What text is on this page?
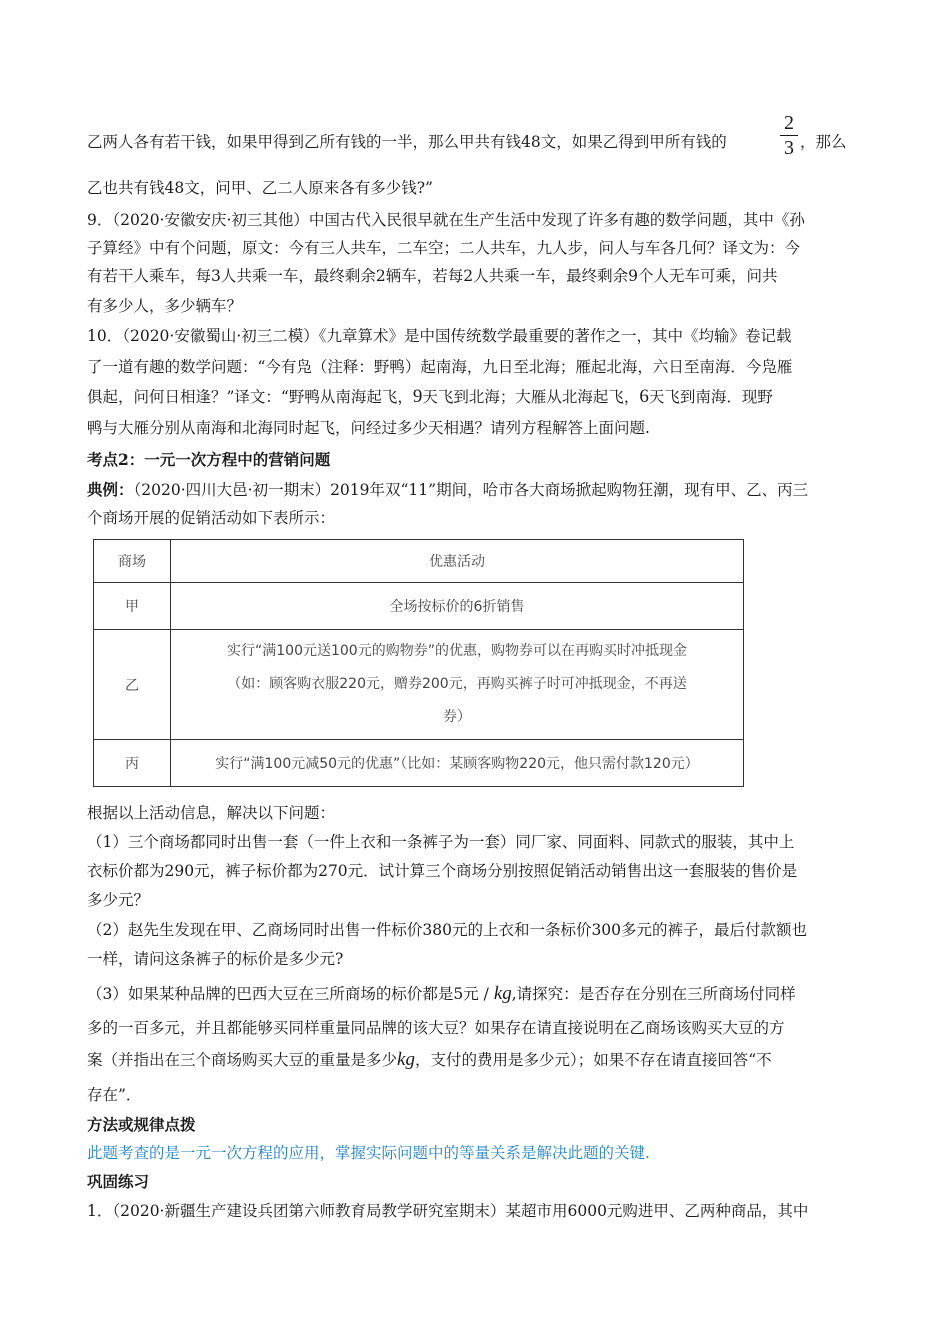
乙两人各有若干钱，如果甲得到乙所有钱的一半，那么甲共有钱48文，如果乙得到甲所有钱的
2
3 ，那么
乙也共有钱48文，问甲、乙二人原来各有多少钱?”
9．（2020·安徽安庆·初三其他）中国古代入民很早就在生产生活中发现了许多有趣的数学问题，其中《孙
子算经》中有个问题，原文：今有三人共车，二车空；二人共车，九人步，问人与车各几何？译文为：今
有若干人乘车，每3人共乘一车，最终剩余2辆车，若每2人共乘一车，最终剩余9个人无车可乘，问共
有多少人，多少辆车？
10．（2020·安徽蜀山·初三二模）《九章算术》是中国传统数学最重要的著作之一，其中《均输》卷记载
了一道有趣的数学问题：“今有凫（注释：野鸭）起南海，九日至北海；雁起北海，六日至南海．今凫雁
俱起，问何日相逢？”译文：“野鸭从南海起飞，9天飞到北海；大雁从北海起飞，6天飞到南海．现野
鸭与大雁分别从南海和北海同时起飞，问经过多少天相遇？请列方程解答上面问题.
考点2：一元一次方程中的营销问题
典例：（2020·四川大邑·初一期末）2019年双“11”期间，哈市各大商场掀起购物狂潮，现有甲、乙、丙三
个商场开展的促销活动如下表所示：
商场	优惠活动
甲	全场按标价的6折销售
乙	实行“满100元送100元的购物券”的优惠，购物券可以在再购买时冲抵现金
（如：顾客购衣服220元，赠券200元，再购买裤子时可冲抵现金，不再送
券）

丙	实行“满100元减50元的优惠”（比如：某顾客购物220元，他只需付款120元）
根据以上活动信息，解决以下问题：
（1）三个商场都同时出售一套（一件上衣和一条裤子为一套）同厂家、同面料、同款式的服装，其中上
衣标价都为290元，裤子标价都为270元．试计算三个商场分别按照促销活动销售出这一套服装的售价是
多少元？
（2）赵先生发现在甲、乙商场同时出售一件标价380元的上衣和一条标价300多元的裤子，最后付款额也
一样，请问这条裤子的标价是多少元?
（3）如果某种品牌的巴西大豆在三所商场的标价都是5元 / kg,请探究：是否存在分别在三所商场付同样
多的一百多元，并且都能够买同样重量同品牌的该大豆？如果存在请直接说明在乙商场该购买大豆的方
案（并指出在三个商场购买大豆的重量是多少kg，支付的费用是多少元）；如果不存在请直接回答“不
存在”．
方法或规律点拨
此题考查的是一元一次方程的应用，掌握实际问题中的等量关系是解决此题的关键.
巩固练习
1．（2020·新疆生产建设兵团第六师教育局教学研究室期末）某超市用6000元购进甲、乙两种商品，其中
